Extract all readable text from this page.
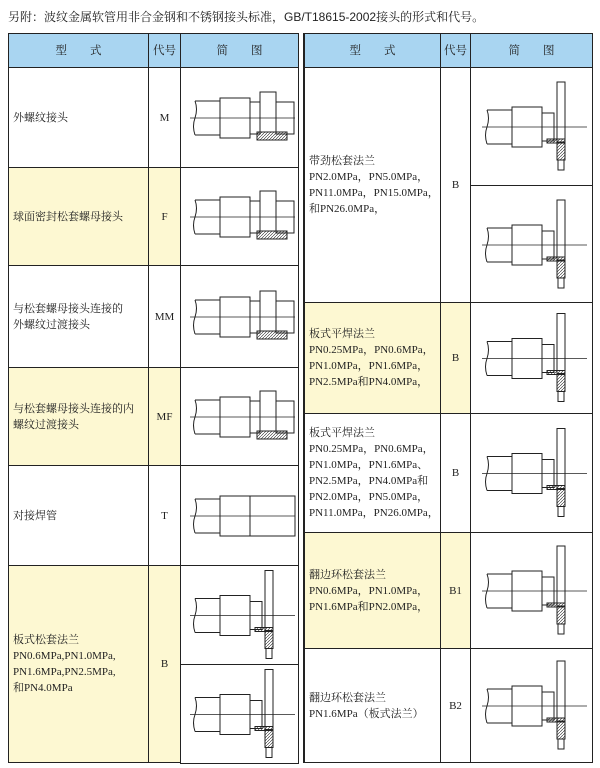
另附：波纹金属软管用非合金钢和不锈钢接头标准，GB/T18615-2002接头的形式和代号。
型　　式	代号	简　　图	型　　式	代号	简　　图
外螺纹接头	M
球面密封松套螺母接头	F
与松套螺母接头连接的
外螺纹过渡接头
MM
与松套螺母接头连接的内
螺纹过渡接头
MF
对接焊管	T
板式松套法兰
PN0.6MPa,PN1.0MPa,
PN1.6MPa,PN2.5MPa,
和PN4.0MPa
B
带劲松套法兰
PN2.0MPa，PN5.0MPa，
PN11.0MPa，PN15.0MPa，
和PN26.0MPa，
B
板式平焊法兰
PN0.25MPa，PN0.6MPa，
PN1.0MPa，PN1.6MPa，
PN2.5MPa和PN4.0MPa，
B
板式平焊法兰
PN0.25MPa，PN0.6MPa，
PN1.0MPa，PN1.6MPa、
PN2.5MPa，PN4.0MPa和
PN2.0MPa，PN5.0MPa，
PN11.0MPa，PN26.0MPa，
B
翻边环松套法兰
PN0.6MPa，PN1.0MPa，
PN1.6MPa和PN2.0MPa，
B1
翻边环松套法兰
PN1.6MPa（板式法兰）
B2
